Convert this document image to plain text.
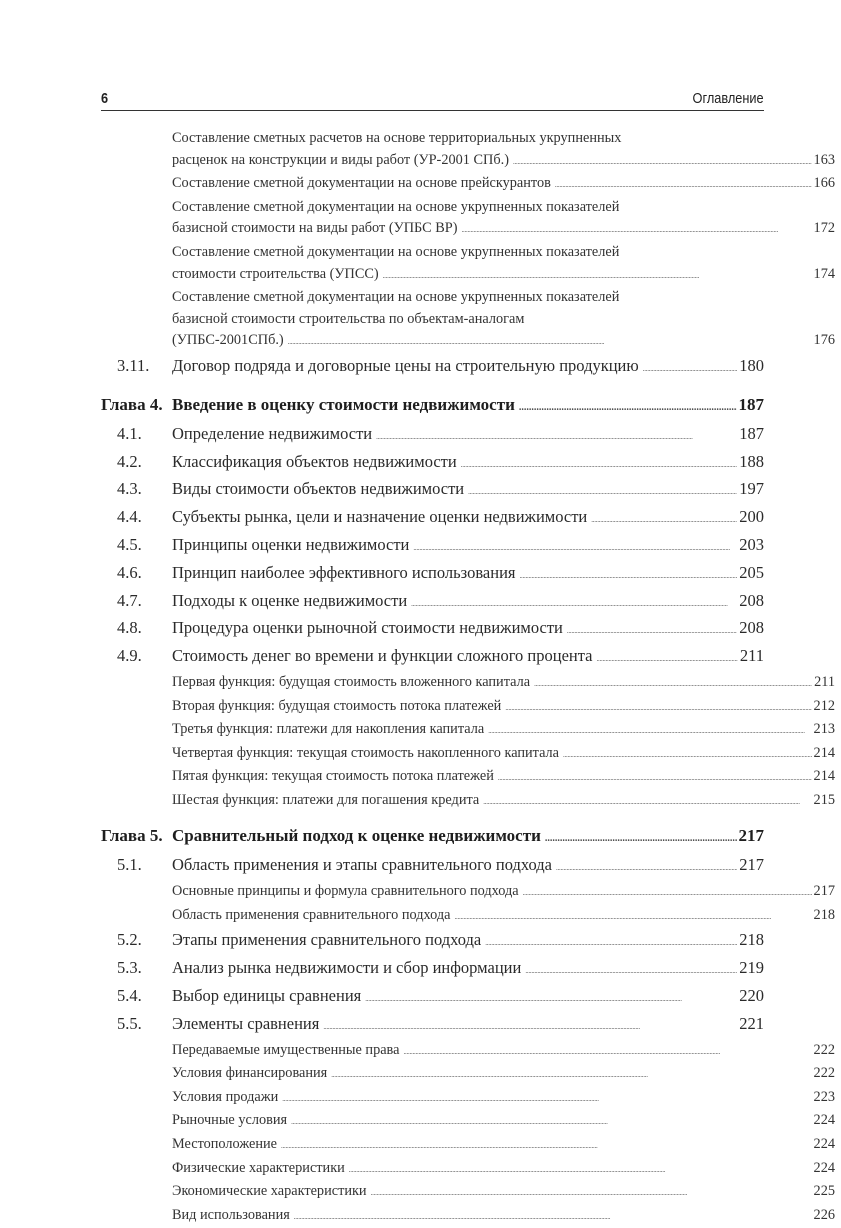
6	Оглавление
Составление сметных расчетов на основе территориальных укрупненных
расценок на конструкции и виды работ (УР-2001 СПб.) . . .	163
Составление сметной документации на основе прейскурантов . . .	166
Составление сметной документации на основе укрупненных показателей
базисной стоимости на виды работ (УПБС ВР) . . .	172
Составление сметной документации на основе укрупненных показателей
стоимости строительства (УПСС) . . .	174
Составление сметной документации на основе укрупненных показателей
базисной стоимости строительства по объектам-аналогам
(УПБС-2001СПб.) . . .	176
3.11.	Договор подряда и договорные цены на строительную продукцию . . .	180
Глава 4. Введение в оценку стоимости недвижимости .....	187
4.1.	Определение недвижимости . . .	187
4.2.	Классификация объектов недвижимости . . .	188
4.3.	Виды стоимости объектов недвижимости . . .	197
4.4.	Субъекты рынка, цели и назначение оценки недвижимости . . .	200
4.5.	Принципы оценки недвижимости . . .	203
4.6.	Принцип наиболее эффективного использования . . .	205
4.7.	Подходы к оценке недвижимости . . .	208
4.8.	Процедура оценки рыночной стоимости недвижимости . . .	208
4.9.	Стоимость денег во времени и функции сложного процента . . .	211
Первая функция: будущая стоимость вложенного капитала . . .	211
Вторая функция: будущая стоимость потока платежей . . .	212
Третья функция: платежи для накопления капитала . . .	213
Четвертая функция: текущая стоимость накопленного капитала . . .	214
Пятая функция: текущая стоимость потока платежей . . .	214
Шестая функция: платежи для погашения кредита . . .	215
Глава 5. Сравнительный подход к оценке недвижимости .....	217
5.1.	Область применения и этапы сравнительного подхода . . .	217
Основные принципы и формула сравнительного подхода . . .	217
Область применения сравнительного подхода . . .	218
5.2.	Этапы применения сравнительного подхода . . .	218
5.3.	Анализ рынка недвижимости и сбор информации . . .	219
5.4.	Выбор единицы сравнения . . .	220
5.5.	Элементы сравнения . . .	221
Передаваемые имущественные права . . .	222
Условия финансирования . . .	222
Условия продажи . . .	223
Рыночные условия . . .	224
Местоположение . . .	224
Физические характеристики . . .	224
Экономические характеристики . . .	225
Вид использования . . .	226
